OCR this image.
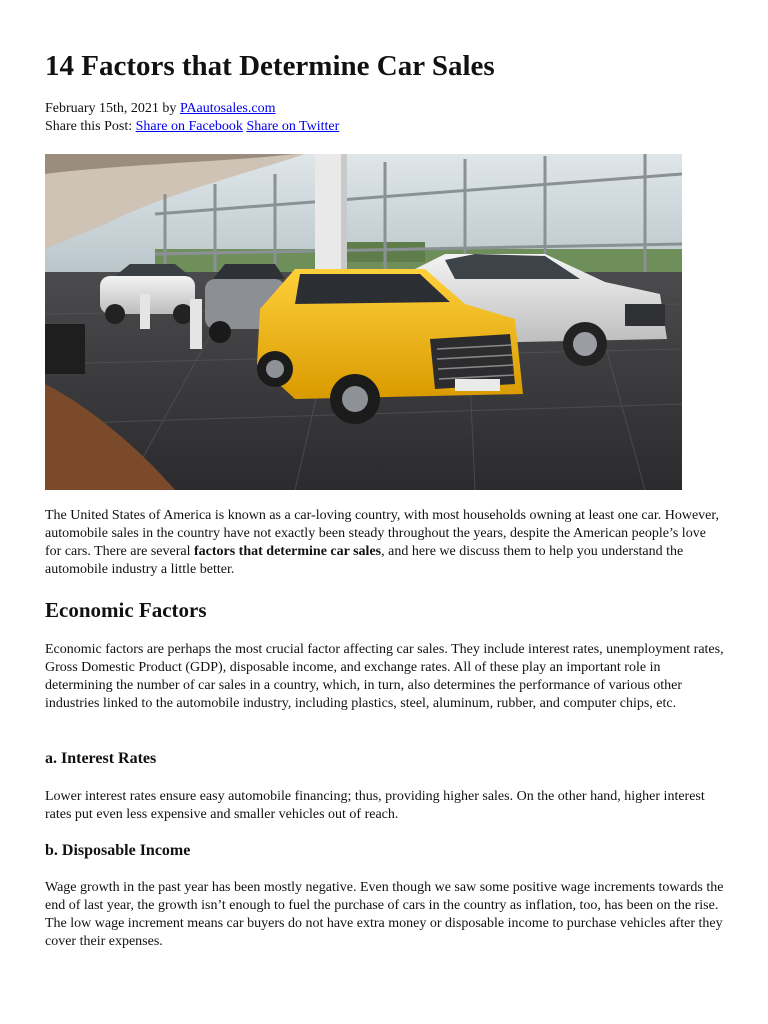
14 Factors that Determine Car Sales
February 15th, 2021 by PAautosales.com
Share this Post: Share on Facebook Share on Twitter

The United States of America is known as a car-loving country, with most households owning at least one car. However, automobile sales in the country have not exactly been steady throughout the years, despite the American people’s love for cars. There are several factors that determine car sales, and here we discuss them to help you understand the automobile industry a little better.

Economic Factors

Economic factors are perhaps the most crucial factor affecting car sales. They include interest rates, unemployment rates, Gross Domestic Product (GDP), disposable income, and exchange rates. All of these play an important role in determining the number of car sales in a country, which, in turn, also determines the performance of various other industries linked to the automobile industry, including plastics, steel, aluminum, rubber, and computer chips, etc.

a. Interest Rates

Lower interest rates ensure easy automobile financing; thus, providing higher sales. On the other hand, higher interest rates put even less expensive and smaller vehicles out of reach.

b. Disposable Income

Wage growth in the past year has been mostly negative. Even though we saw some positive wage increments towards the end of last year, the growth isn’t enough to fuel the purchase of cars in the country as inflation, too, has been on the rise. The low wage increment means car buyers do not have extra money or disposable income to purchase vehicles after they cover their expenses.
